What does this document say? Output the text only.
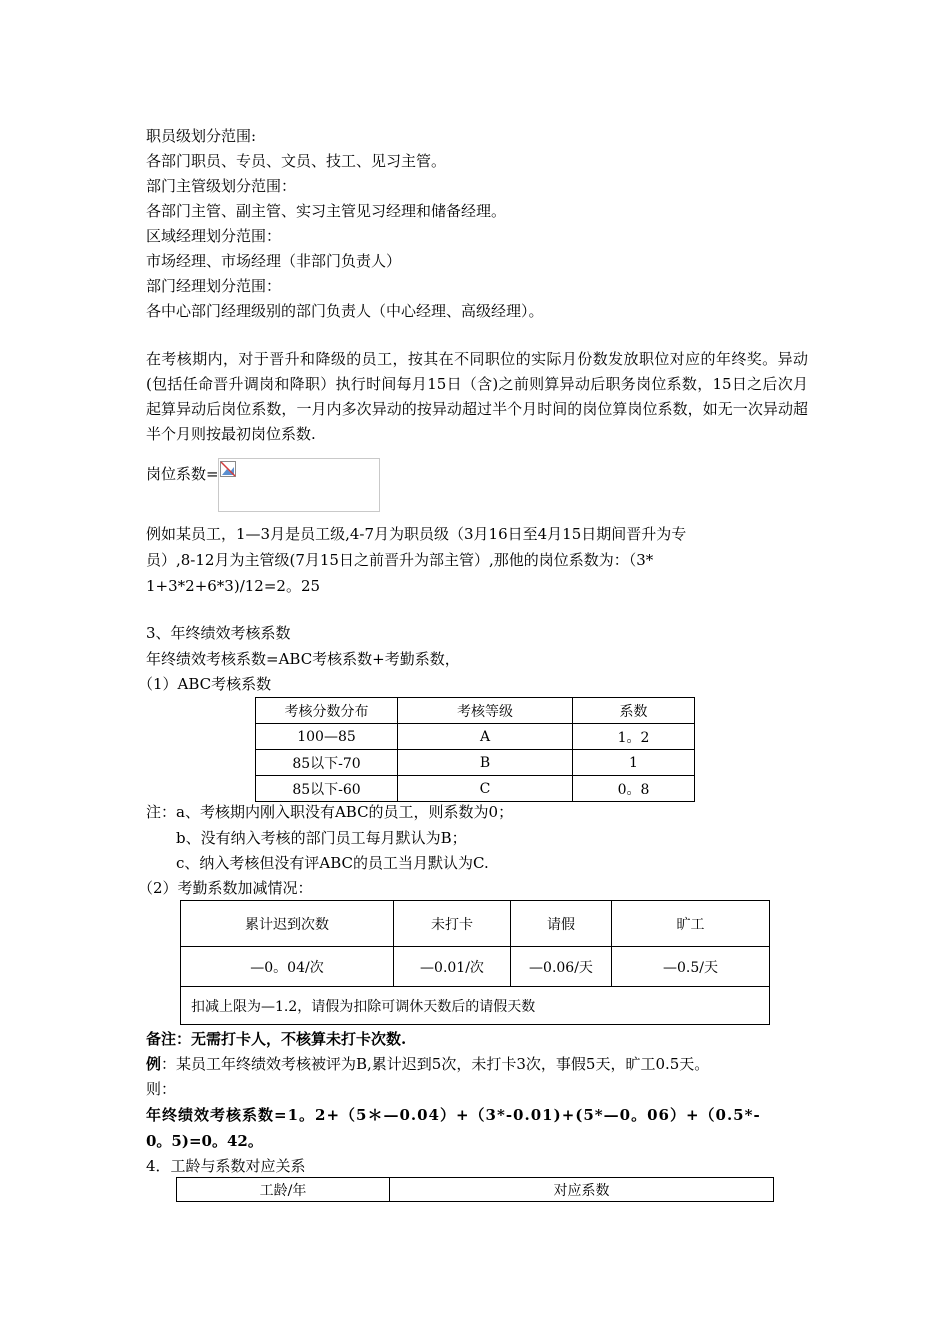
职员级划分范围:
各部门职员、专员、文员、技工、见习主管。
部门主管级划分范围：
各部门主管、副主管、实习主管见习经理和储备经理。
区域经理划分范围：
市场经理、市场经理（非部门负责人）
部门经理划分范围：
各中心部门经理级别的部门负责人（中心经理、高级经理）。
在考核期内，对于晋升和降级的员工，按其在不同职位的实际月份数发放职位对应的年终奖。异动(包括任命晋升调岗和降职）执行时间每月15日（含)之前则算异动后职务岗位系数，15日之后次月起算异动后岗位系数，一月内多次异动的按异动超过半个月时间的岗位算岗位系数，如无一次异动超半个月则按最初岗位系数.
岗位系数=
例如某员工，1—3月是员工级,4-7月为职员级（3月16日至4月15日期间晋升为专
员）,8-12月为主管级(7月15日之前晋升为部主管）,那他的岗位系数为：（3*
1+3*2+6*3)/12=2。25
3、年终绩效考核系数
年终绩效考核系数=ABC考核系数+考勤系数，
（1）ABC考核系数
考核分数分布	考核等级	系数
100—85	A	1。2
85以下-70	B	1
85以下-60	C	0。8
注：a、考核期内刚入职没有ABC的员工，则系数为0；
b、没有纳入考核的部门员工每月默认为B；
c、纳入考核但没有评ABC的员工当月默认为C.
（2）考勤系数加减情况：
累计迟到次数	未打卡	请假	旷工
—0。04/次	—0.01/次	—0.06/天	—0.5/天
扣减上限为—1.2，请假为扣除可调休天数后的请假天数			
备注：无需打卡人，不核算未打卡次数.
例：某员工年终绩效考核被评为B,累计迟到5次，未打卡3次，事假5天，旷工0.5天。
则：
年终绩效考核系数=1。2+（5＊—0.04）+（3*-0.01)+(5*—0。06）+（0.5*-
0。5)=0。42。
4．工龄与系数对应关系
工龄/年	对应系数
